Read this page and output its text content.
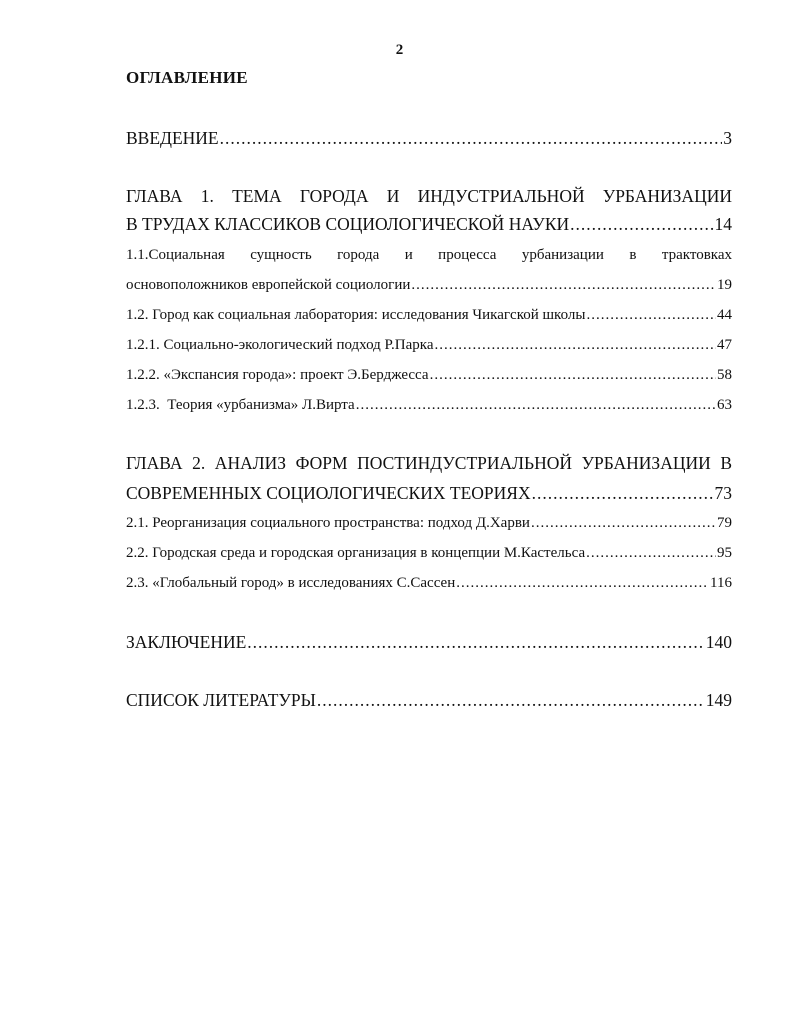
2
ОГЛАВЛЕНИЕ
ВВЕДЕНИЕ .....	3
ГЛАВА 1. ТЕМА ГОРОДА И ИНДУСТРИАЛЬНОЙ УРБАНИЗАЦИИ
В ТРУДАХ КЛАССИКОВ СОЦИОЛОГИЧЕСКОЙ НАУКИ .....	14
1.1.Социальная сущность города и процесса урбанизации в трактовках
основоположников европейской социологии .....	19
1.2. Город как социальная лаборатория: исследования Чикагской школы .....	44
1.2.1. Социально-экологический подход Р.Парка .....	47
1.2.2. «Экспансия города»: проект Э.Берджесса .....	58
1.2.3.  Теория «урбанизма» Л.Вирта .....	63
ГЛАВА 2. АНАЛИЗ ФОРМ ПОСТИНДУСТРИАЛЬНОЙ УРБАНИЗАЦИИ В
СОВРЕМЕННЫХ СОЦИОЛОГИЧЕСКИХ ТЕОРИЯХ .....	73
2.1. Реорганизация социального пространства: подход Д.Харви .....	79
2.2. Городская среда и городская организация в концепции М.Кастельса .....	95
2.3. «Глобальный город» в исследованиях С.Сассен .....	116
ЗАКЛЮЧЕНИЕ .....	140
СПИСОК ЛИТЕРАТУРЫ .....	149
